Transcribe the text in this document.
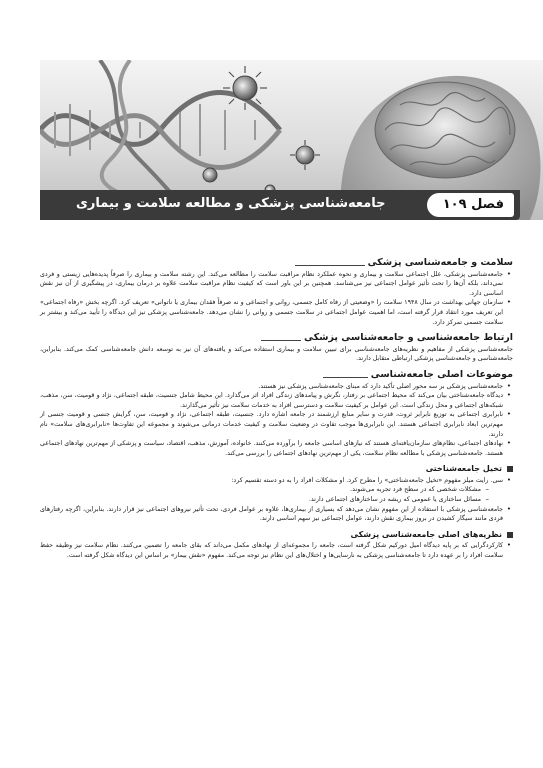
جامعه‌شناسی پزشکی و مطالعه سلامت و بیماری	فصل ۱۰۹
سلامت و جامعه‌شناسی پزشکی
• جامعه‌شناسی پزشکی، علل اجتماعی سلامت و بیماری و نحوه عملکرد نظام مراقبت سلامت را مطالعه می‌کند. این رشته سلامت و بیماری را صرفاً پدیده‌هایی زیستی و فردی نمی‌داند، بلکه آن‌ها را تحت تأثیر عوامل اجتماعی نیز می‌شناسد. همچنین بر این باور است که کیفیت نظام مراقبت سلامت علاوه بر درمان بیماری، در پیشگیری از آن نیز نقش اساسی دارد.
• سازمان جهانی بهداشت در سال ۱۹۴۸ سلامت را «وضعیتی از رفاه کامل جسمی، روانی و اجتماعی و نه صرفاً فقدان بیماری یا ناتوانی» تعریف کرد. اگرچه بخش «رفاه اجتماعی» این تعریف مورد انتقاد قرار گرفته است، اما اهمیت عوامل اجتماعی در سلامت جسمی و روانی را نشان می‌دهد. جامعه‌شناسی پزشکی نیز این دیدگاه را تأیید می‌کند و بیشتر بر سلامت جسمی تمرکز دارد.
ارتباط جامعه‌شناسی و جامعه‌شناسی پزشکی

جامعه‌شناسی پزشکی از مفاهیم و نظریه‌های جامعه‌شناسی برای تبیین سلامت و بیماری استفاده می‌کند و یافته‌های آن نیز به توسعه دانش جامعه‌شناسی کمک می‌کند. بنابراین، جامعه‌شناسی و جامعه‌شناسی پزشکی ارتباطی متقابل دارند.

موضوعات اصلی جامعه‌شناسی
• جامعه‌شناسی پزشکی بر سه محور اصلی تأکید دارد که مبنای جامعه‌شناسی پزشکی نیز هستند.
• دیدگاه جامعه‌شناختی بیان می‌کند که محیط اجتماعی بر رفتار، نگرش و پیامدهای زندگی افراد اثر می‌گذارد. این محیط شامل جنسیت، طبقه اجتماعی، نژاد و قومیت، سن، مذهب، شبکه‌های اجتماعی و محل زندگی است. این عوامل بر کیفیت سلامت و دسترسی افراد به خدمات سلامت نیز تأثیر می‌گذارند.
• نابرابری اجتماعی به توزیع نابرابر ثروت، قدرت و سایر منابع ارزشمند در جامعه اشاره دارد. جنسیت، طبقه اجتماعی، نژاد و قومیت، سن، گرایش جنسی و قومیت جنسی از مهم‌ترین ابعاد نابرابری اجتماعی هستند. این نابرابری‌ها موجب تفاوت در وضعیت سلامت و کیفیت خدمات درمانی می‌شوند و مجموعه این تفاوت‌ها «نابرابری‌های سلامت» نام دارند.
• نهادهای اجتماعی، نظام‌های سازمان‌یافته‌ای هستند که نیازهای اساسی جامعه را برآورده می‌کنند. خانواده، آموزش، مذهب، اقتصاد، سیاست و پزشکی از مهم‌ترین نهادهای اجتماعی هستند. جامعه‌شناسی پزشکی با مطالعه نظام سلامت، یکی از مهم‌ترین نهادهای اجتماعی را بررسی می‌کند.
تخیل جامعه‌شناختی
• سی. رایت میلز مفهوم «تخیل جامعه‌شناختی» را مطرح کرد. او مشکلات افراد را به دو دسته تقسیم کرد:
– مشکلات شخصی که در سطح فرد تجربه می‌شوند.
– مسائل ساختاری یا عمومی که ریشه در ساختارهای اجتماعی دارند.
• جامعه‌شناسی پزشکی با استفاده از این مفهوم نشان می‌دهد که بسیاری از بیماری‌ها، علاوه بر عوامل فردی، تحت تأثیر نیروهای اجتماعی نیز قرار دارند. بنابراین، اگرچه رفتارهای فردی مانند سیگار کشیدن در بروز بیماری نقش دارند، عوامل اجتماعی نیز سهم اساسی دارند.
نظریه‌های اصلی جامعه‌شناسی پزشکی
• کارکردگرایی که بر پایه دیدگاه امیل دورکیم شکل گرفته است، جامعه را مجموعه‌ای از نهادهای مکمل می‌داند که بقای جامعه را تضمین می‌کنند. نظام سلامت نیز وظیفه حفظ سلامت افراد را بر عهده دارد تا جامعه‌شناسی پزشکی به نارسایی‌ها و اختلال‌های این نظام نیز توجه می‌کند. مفهوم «نقش بیمار» بر اساس این دیدگاه شکل گرفته است.
